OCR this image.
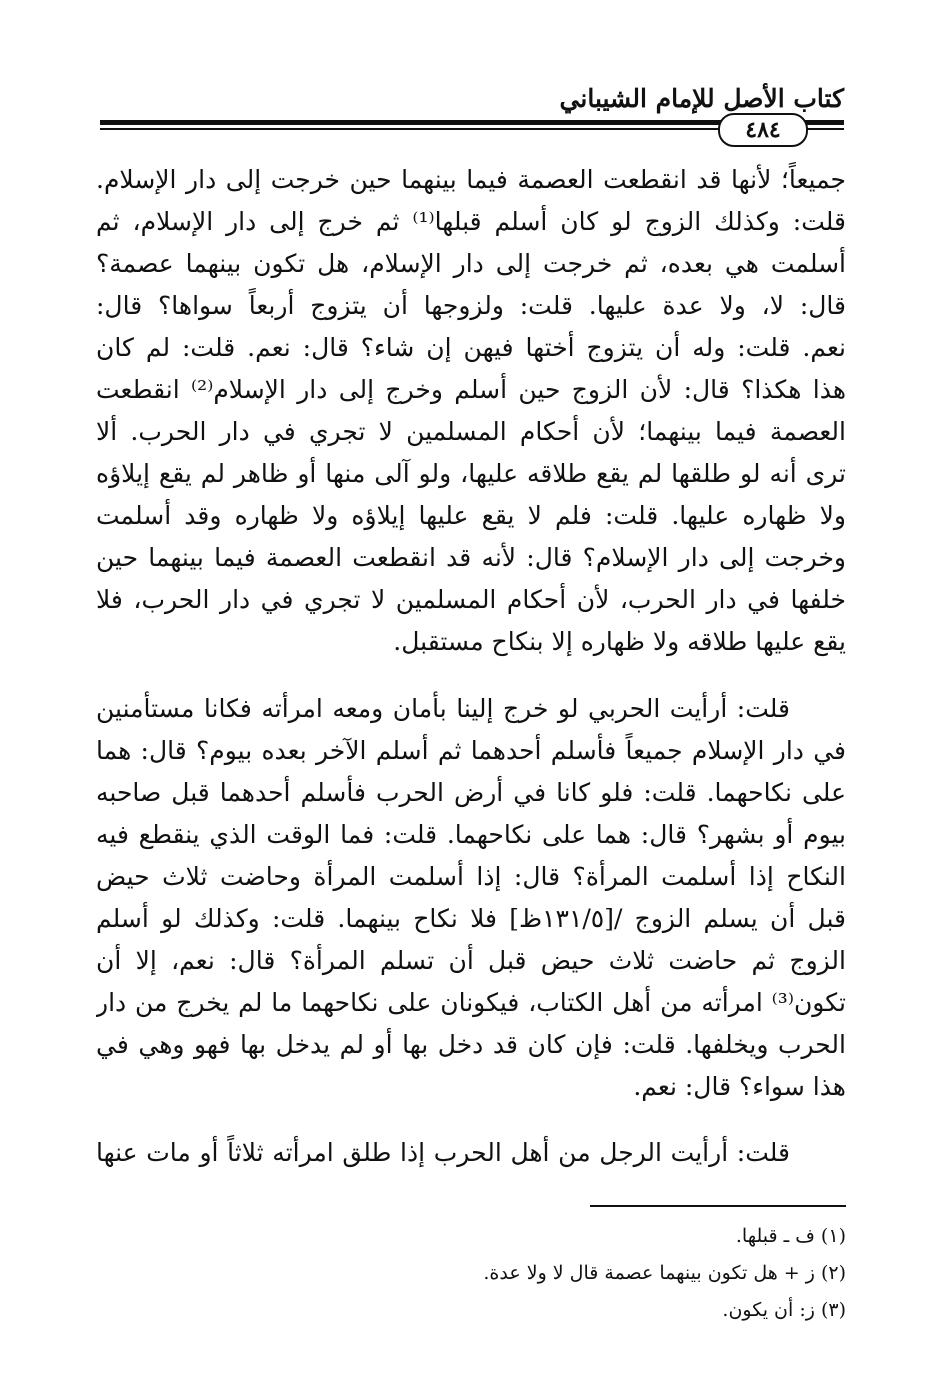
كتاب الأصل للإمام الشيباني
٤٨٤
جميعاً؛ لأنها قد انقطعت العصمة فيما بينهما حين خرجت إلى دار الإسلام.
قلت: وكذلك الزوج لو كان أسلم قبلها⁽¹⁾ ثم خرج إلى دار الإسلام، ثم
أسلمت هي بعده، ثم خرجت إلى دار الإسلام، هل تكون بينهما عصمة؟
قال: لا، ولا عدة عليها. قلت: ولزوجها أن يتزوج أربعاً سواها؟ قال:
نعم. قلت: وله أن يتزوج أختها فيهن إن شاء؟ قال: نعم. قلت: لم كان
هذا هكذا؟ قال: لأن الزوج حين أسلم وخرج إلى دار الإسلام⁽²⁾ انقطعت
العصمة فيما بينهما؛ لأن أحكام المسلمين لا تجري في دار الحرب. ألا
ترى أنه لو طلقها لم يقع طلاقه عليها، ولو آلى منها أو ظاهر لم يقع إيلاؤه
ولا ظهاره عليها. قلت: فلم لا يقع عليها إيلاؤه ولا ظهاره وقد أسلمت
وخرجت إلى دار الإسلام؟ قال: لأنه قد انقطعت العصمة فيما بينهما حين
خلفها في دار الحرب، لأن أحكام المسلمين لا تجري في دار الحرب، فلا
يقع عليها طلاقه ولا ظهاره إلا بنكاح مستقبل.
قلت: أرأيت الحربي لو خرج إلينا بأمان ومعه امرأته فكانا مستأمنين
في دار الإسلام جميعاً فأسلم أحدهما ثم أسلم الآخر بعده بيوم؟ قال: هما
على نكاحهما. قلت: فلو كانا في أرض الحرب فأسلم أحدهما قبل صاحبه
بيوم أو بشهر؟ قال: هما على نكاحهما. قلت: فما الوقت الذي ينقطع فيه
النكاح إذا أسلمت المرأة؟ قال: إذا أسلمت المرأة وحاضت ثلاث حيض
قبل أن يسلم الزوج /[١٣١/٥ظ] فلا نكاح بينهما. قلت: وكذلك لو أسلم
الزوج ثم حاضت ثلاث حيض قبل أن تسلم المرأة؟ قال: نعم، إلا أن
تكون⁽³⁾ امرأته من أهل الكتاب، فيكونان على نكاحهما ما لم يخرج من دار
الحرب ويخلفها. قلت: فإن كان قد دخل بها أو لم يدخل بها فهو وهي في
هذا سواء؟ قال: نعم.
قلت: أرأيت الرجل من أهل الحرب إذا طلق امرأته ثلاثاً أو مات عنها
(١) ف ـ قبلها.
(٢) ز + هل تكون بينهما عصمة قال لا ولا عدة.
(٣) ز: أن يكون.
